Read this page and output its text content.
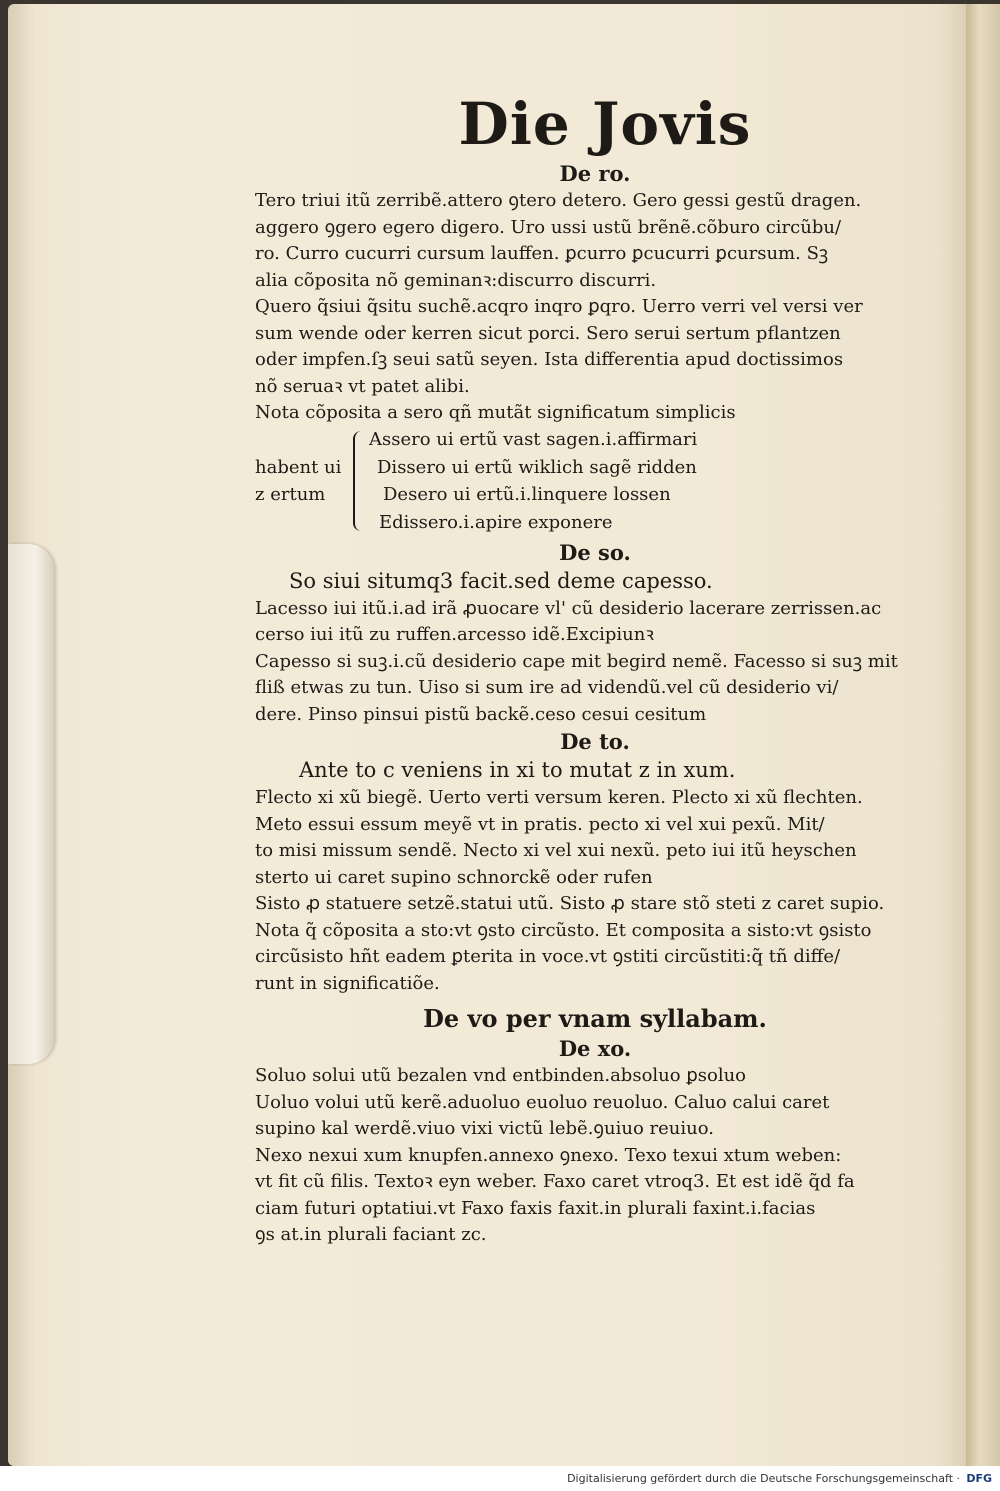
Die Jovis
De ro.
Tero triui itũ zerribẽ.attero ꝯtero detero. Gero gessi gestũ dragen.
aggero ꝯgero egero digero. Uro ussi ustũ brẽnẽ.cõburo circũbu/
ro. Curro cucurri cursum lauffen. ꝑcurro ꝑcucurri ꝑcursum. Sꝫ
alia cõposita nõ geminanꝛ:discurro discurri.
Quero q̃siui q̃situ suchẽ.acqro inqro ꝑqro. Uerro verri vel versi ver
sum wende oder kerren sicut porci. Sero serui sertum pflantzen
oder impfen.ſꝫ seui satũ seyen. Ista differentia apud doctissimos
nõ seruaꝛ vt patet alibi.
Nota cõposita a sero qñ mutãt significatum simplicis
habent ui
z ertum
Assero ui ertũ vast sagen.i.affirmari
Dissero ui ertũ wiklich sagẽ ridden
Desero ui ertũ.i.linquere lossen
Edissero.i.apire exponere
De so.
So siui situmq3 facit.sed deme capesso.
Lacesso iui itũ.i.ad irã ꝓuocare vl' cũ desiderio lacerare zerrissen.ac
cerso iui itũ zu ruffen.arcesso idẽ.Excipiunꝛ
Capesso si suꝫ.i.cũ desiderio cape mit begird nemẽ. Facesso si suꝫ mit
fliß etwas zu tun. Uiso si sum ire ad videndũ.vel cũ desiderio vi/
dere. Pinso pinsui pistũ backẽ.ceso cesui cesitum
De to.
Ante to c veniens in xi to mutat z in xum.
Flecto xi xũ biegẽ. Uerto verti versum keren. Plecto xi xũ flechten.
Meto essui essum meyẽ vt in pratis. pecto xi vel xui pexũ. Mit/
to misi missum sendẽ. Necto xi vel xui nexũ. peto iui itũ heyschen
sterto ui caret supino schnorckẽ oder rufen
Sisto ꝓ statuere setzẽ.statui utũ. Sisto ꝓ stare stõ steti z caret supio.
Nota q̃ cõposita a sto:vt ꝯsto circũsto. Et composita a sisto:vt ꝯsisto
circũsisto hñt eadem ꝑterita in voce.vt ꝯstiti circũstiti:q̃ tñ diffe/
runt in significatiõe.
De vo per vnam syllabam.
De xo.
Soluo solui utũ bezalen vnd entbinden.absoluo ꝑsoluo
Uoluo volui utũ kerẽ.aduoluo euoluo reuoluo. Caluo calui caret
supino kal werdẽ.viuo vixi victũ lebẽ.ꝯuiuo reuiuo.
Nexo nexui xum knupfen.annexo ꝯnexo. Texo texui xtum weben:
vt fit cũ filis. Textoꝛ eyn weber. Faxo caret vtroq3. Et est idẽ q̃d fa
ciam futuri optatiui.vt Faxo faxis faxit.in plurali faxint.i.facias
ꝯs at.in plurali faciant zc.
Digitalisierung gefördert durch die Deutsche Forschungsgemeinschaft · DFG
